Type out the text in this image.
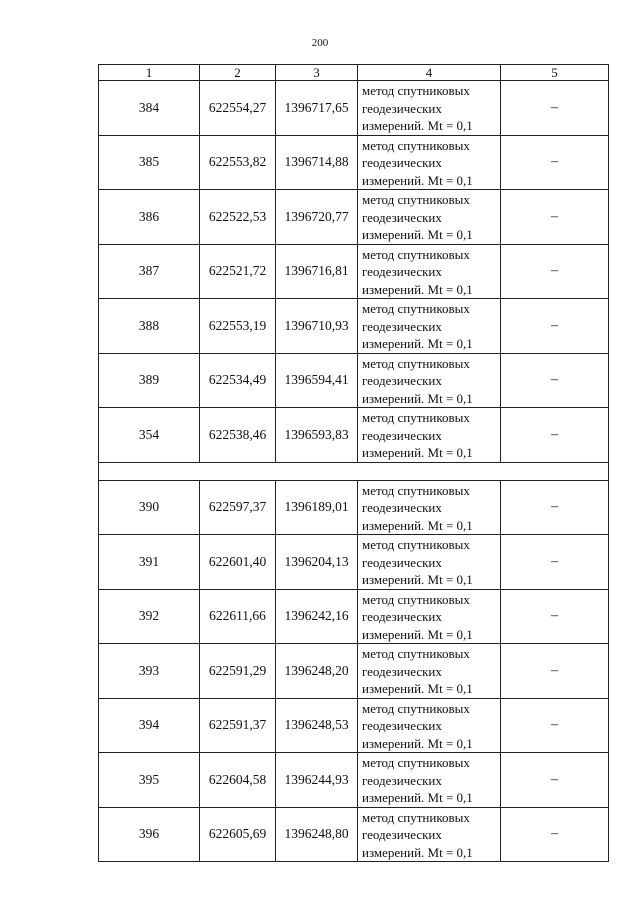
200
1	2	3	4	5
384	622554,27	1396717,65	метод спутниковых геодезических измерений. Mt = 0,1	–
385	622553,82	1396714,88	метод спутниковых геодезических измерений. Mt = 0,1	–
386	622522,53	1396720,77	метод спутниковых геодезических измерений. Mt = 0,1	–
387	622521,72	1396716,81	метод спутниковых геодезических измерений. Mt = 0,1	–
388	622553,19	1396710,93	метод спутниковых геодезических измерений. Mt = 0,1	–
389	622534,49	1396594,41	метод спутниковых геодезических измерений. Mt = 0,1	–
354	622538,46	1396593,83	метод спутниковых геодезических измерений. Mt = 0,1	–

390	622597,37	1396189,01	метод спутниковых геодезических измерений. Mt = 0,1	–
391	622601,40	1396204,13	метод спутниковых геодезических измерений. Mt = 0,1	–
392	622611,66	1396242,16	метод спутниковых геодезических измерений. Mt = 0,1	–
393	622591,29	1396248,20	метод спутниковых геодезических измерений. Mt = 0,1	–
394	622591,37	1396248,53	метод спутниковых геодезических измерений. Mt = 0,1	–
395	622604,58	1396244,93	метод спутниковых геодезических измерений. Mt = 0,1	–
396	622605,69	1396248,80	метод спутниковых геодезических измерений. Mt = 0,1	–
